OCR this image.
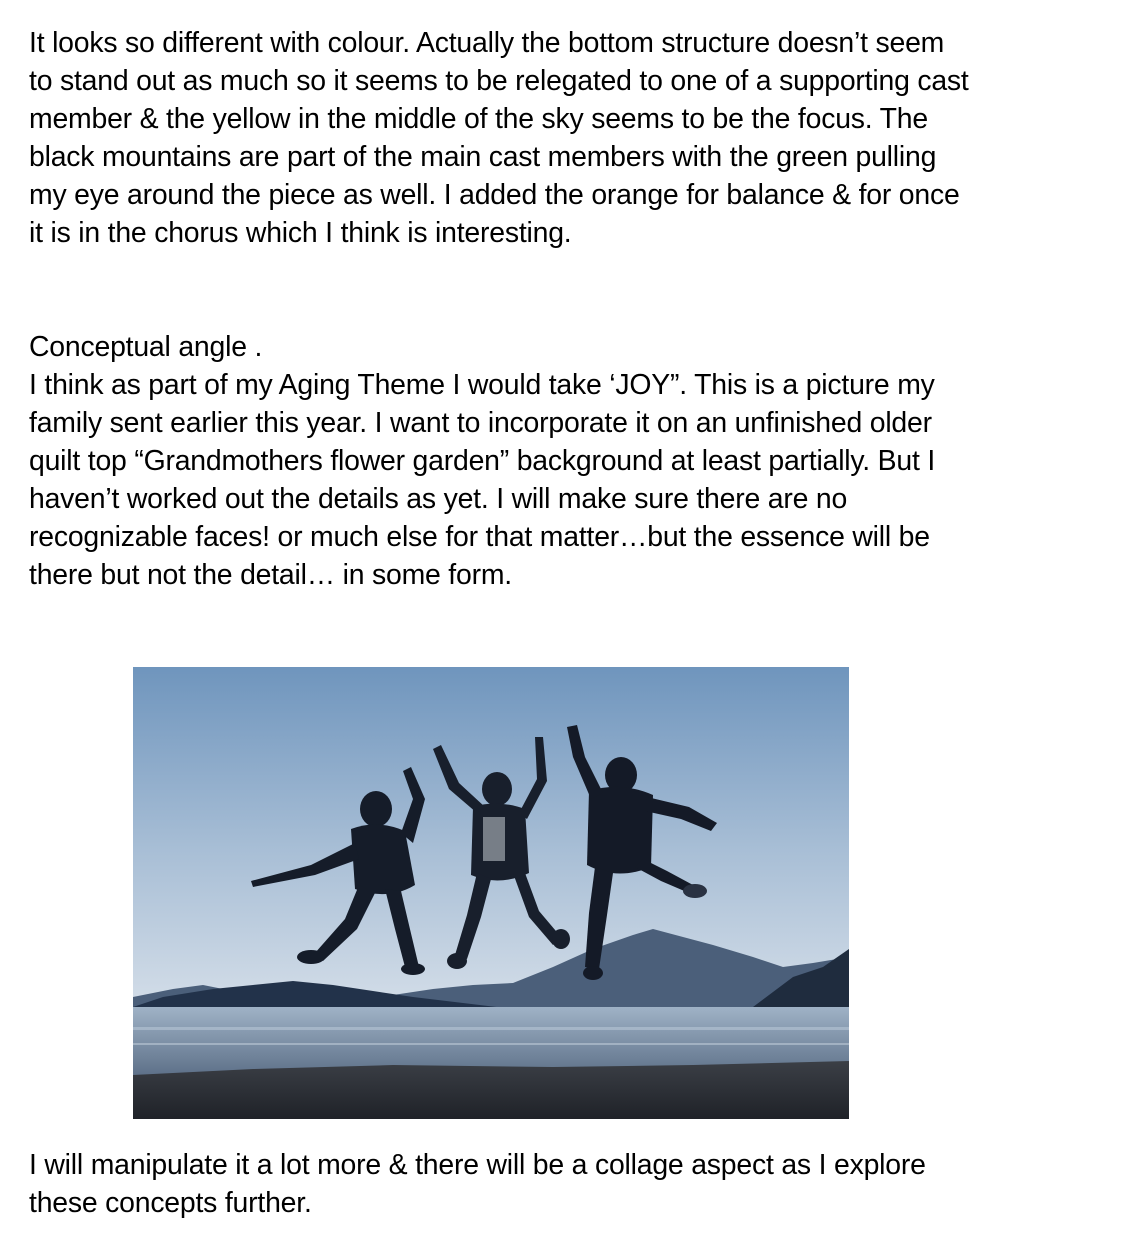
It looks so different with colour. Actually the bottom structure doesn’t seem
to stand out as much so it seems to be relegated to one of a supporting cast
member & the yellow in the middle of the sky seems to be the focus. The
black mountains are part of the main cast members with the green pulling
my eye around the piece as well. I added the orange for balance & for once
it is in the chorus which I think is interesting.

Conceptual angle .

I think as part of my Aging Theme I would take ‘JOY”. This is a picture my
family sent earlier this year. I want to incorporate it on an unfinished older
quilt top “Grandmothers flower garden” background at least partially. But I
haven’t worked out the details as yet. I will make sure there are no
recognizable faces! or much else for that matter…but the essence will be
there but not the detail… in some form.

I will manipulate it a lot more & there will be a collage aspect as I explore
these concepts further.
